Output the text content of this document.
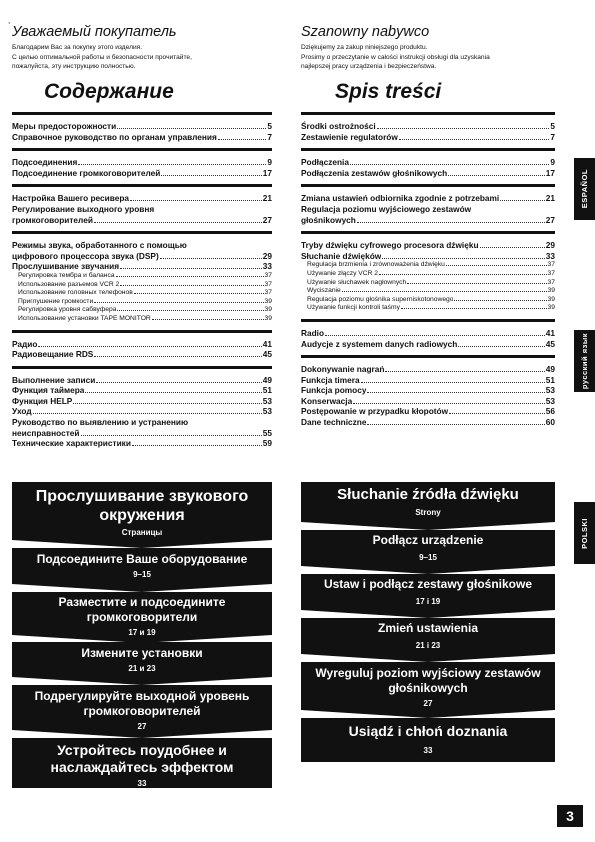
,
Уважаемый покупатель
Благодарим Вас за покупку этого изделия.
С целью оптимальной работы и безопасности прочитайте,
пожалуйста, эту инструкцию полностью.
Содержание
Меры предосторожности	5
Справочное руководство по органам управления	7
Подсоединения	9
Подсоединение громкоговорителей	17
Настройка Вашего ресивера	21
Регулирование выходного уровня
громкоговорителей	27
Режимы звука, обработанного с помощью
цифрового процессора звука (DSP)	29
Прослушивание звучания	33
Регулировка тембра и баланса	37
Использование разъемов VCR 2	37
Использование головных телефонов	37
Приглушение громкости	39
Регулировка уровня сабвуфера	39
Использование установки TAPE MONITOR	39
Радио	41
Радиовещание RDS	45
Выполнение записи	49
Функция таймера	51
Функция HELP	53
Уход	53
Руководство по выявлению и устранению
неисправностей	55
Технические характеристики	59
Прослушивание звукового
окружения
Страницы
Подсоедините Ваше оборудование
9–15
Разместите и подсоедините
громкоговорители
17 и 19
Измените установки
21 и 23
Подрегулируйте выходной уровень
громкоговорителей
27
Устройтесь поудобнее и
наслаждайтесь эффектом
33
Szanowny nabywco
Dziękujemy za zakup niniejszego produktu.
Prosimy o przeczytanie w całości instrukcji obsługi dla uzyskania
najlepszej pracy urządzenia i bezpieczeństwa.
Spis treści
Środki ostrożności	5
Zestawienie regulatorów	7
Podłączenia	9
Podłączenia zestawów głośnikowych	17
Zmiana ustawień odbiornika zgodnie z potrzebami	21
Regulacja poziomu wyjściowego zestawów
głośnikowych	27
Tryby dźwięku cyfrowego procesora dźwięku	29
Słuchanie dźwięków	33
Regulacja brzmienia i zrównoważenia dźwięku	37
Używanie złączy VCR 2	37
Używanie słuchawek nagłownych	37
Wyciszanie	39
Regulacja poziomu głośnika superniskotonowego	39
Używanie funkcji kontroli taśmy	39
Radio	41
Audycje z systemem danych radiowych	45
Dokonywanie nagrań	49
Funkcja timera	51
Funkcja pomocy	53
Konserwacja	53
Postępowanie w przypadku kłopotów	56
Dane techniczne	60
Słuchanie źródła dźwięku
Strony
Podłącz urządzenie
9–15
Ustaw i podłącz zestawy głośnikowe
17 i 19
Zmień ustawienia
21 i 23
Wyreguluj poziom wyjściowy zestawów
głośnikowych
27
Usiądź i chłoń doznania
33
ESPAÑOL
русский язык
POLSKI
3
